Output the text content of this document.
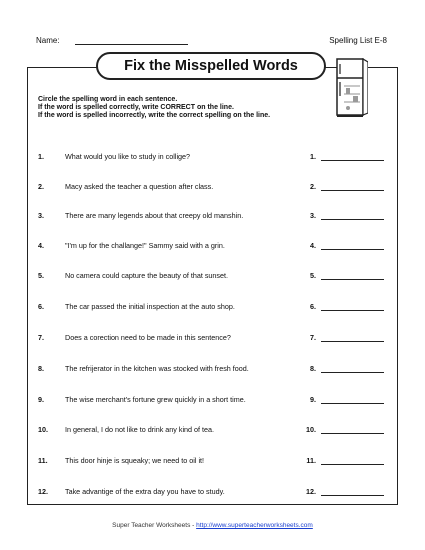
Name:	Spelling List E-8
Fix the Misspelled Words
Circle the spelling word in each sentence.
If the word is spelled correctly, write CORRECT on the line.
If the word is spelled incorrectly, write the correct spelling on the line.
1.	What would you like to study in collige?	1.
2.	Macy asked the teacher a question after class.	2.
3.	There are many legends about that creepy old manshin.	3.
4.	"I'm up for the challange!" Sammy said with a grin.	4.
5.	No camera could capture the beauty of that sunset.	5.
6.	The car passed the initial inspection at the auto shop.	6.
7.	Does a corection need to be made in this sentence?	7.
8.	The refrijerator in the kitchen was stocked with fresh food.	8.
9.	The wise merchant's fortune grew quickly in a short time.	9.
10. In general, I do not like to drink any kind of tea.	10.
11. This door hinje is squeaky; we need to oil it!	11.
12. Take advantige of the extra day you have to study.	12.
Super Teacher Worksheets - http://www.superteacherworksheets.com
